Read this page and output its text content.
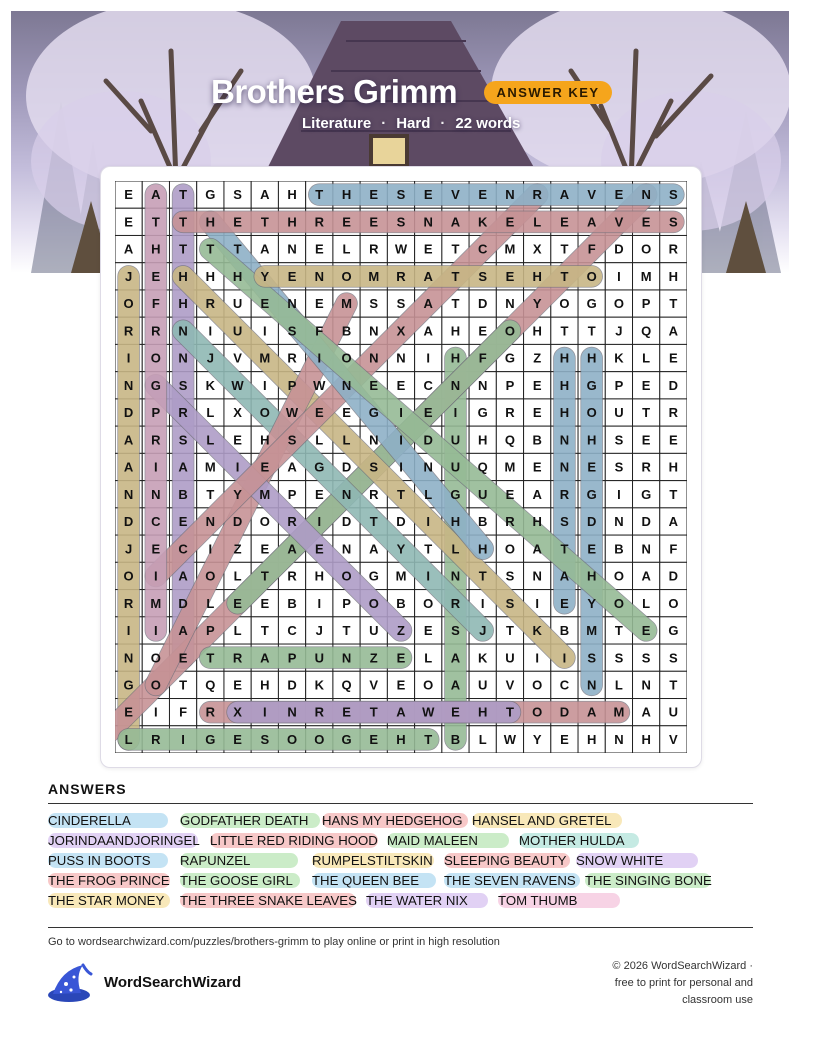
Brothers Grimm	ANSWER KEY
Literature · Hard · 22 words
E A T G S A H T H E S E V E N R A V E N S
E T T H E T H R E E S N A K E L E A V E S
A H T T T A N E L R W E T C M X T F D O R
J E H H H Y E N O M R A T S E H T O I M H
O F H R U E N E M S S A T D N Y O G O P T
R R N I U I S F B N X A H E O H T T J Q A
I O N J V M R I O N N I H F G Z H H K L E
N G S K W I P W N E E C N N P E H G P E D
D P R L X O W E E G I E I G R E H O U T R
A R S L E H S L L N I D U H Q B N H S E E
A I A M I E A G D S I N U Q M E N E S R H
N N B T Y M P E N R T L G U E A R G I G T
D C E N D O R I D T D I H B R H S D N D A
J E C I Z E A E N A Y T L H O A T E B N F
O I A O L T R H O G M I N T S N A H O A D
R M D L E E B I P O B O R I S I E Y O L O
I I A P L T C J T U Z E S J T K B M T E G
N O E T R A P U N Z E L A K U I I S S S S
G O T Q E H D K Q V E O A U V O C N L N T
E I F R X I N R E T A W E H T O D A M A U
L R I G E S O O G E H T B L W Y E H N H V
ANSWERS
CINDERELLA	GODFATHER DEATH HANS MY HEDGEHOG HANSEL AND GRETEL
JORINDAANDJORINGEL LITTLE RED RIDING HOOD MAID MALEEN	MOTHER HULDA
PUSS IN BOOTS RAPUNZEL	RUMPELSTILTSKIN SLEEPING BEAUTY SNOW WHITE
THE FROG PRINCE THE GOOSE GIRL THE QUEEN BEE THE SEVEN RAVENS THE SINGING BONE
THE STAR MONEY THE THREE SNAKE LEAVES THE WATER NIX TOM THUMB
Go to wordsearchwizard.com/puzzles/brothers-grimm to play online or print in high resolution
WordSearchWizard
© 2026 WordSearchWizard ·
free to print for personal and
classroom use
